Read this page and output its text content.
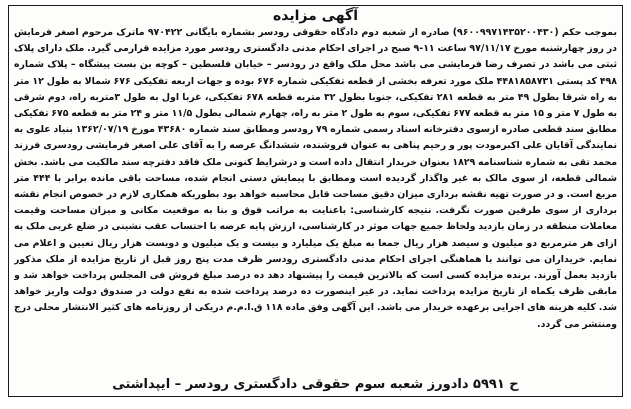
آگهی مزایده
بموجب حکم (۹۶۰۰۹۹۷۱۴۳۵۲۰۰۴۳۰) صادره از شعبه دوم دادگاه حقوقی رودسر بشماره بایگانی ۹۷۰۴۲۲ ماترک مرحوم اصغر فرمایش در روز چهارشنبه مورخ ۹۷/۱۱/۱۷ ساعت ۱۱-۹ صبح در اجرای احکام مدنی دادگستری رودسر مورد مزایده قرارمی گیرد. ملک دارای پلاک ثبتی می باشد در تصرف رضا فرمایشی می باشد محل ملک واقع در رودسر – خیابان فلسطین – کوچه بن بست پیشگاه – پلاک شماره ۴۹۸ کد پستی ۴۴۸۱۸۵۸۷۳۱ ملک مورد تعرفه بخشی از قطعه تفکیکی شماره ۶۷۶ بوده و جهات اربعه تفکیکی ۶۷۶ شمالا به طول ۱۲ متر به راه شرقا بطول ۴۹ متر به قطعه ۲۸۱ تفکیکی، جنوبا بطول ۳۲ متربه قطعه ۶۷۸ تفکیکی، غربا اول به طول ۳متربه راه، دوم شرقی به طول ۷ متر و ۱۵ متر به قطعه ۶۷۷ تفکیکی، سوم به طول ۲ متر به راه، چهارم شمالی بطول ۱۱/۵ متر و ۲۴ متر به قطعه ۶۷۵ تفکیکی مطابق سند قطعی صادره ازسوی دفترخانه اسناد رسمی شماره ۷۹ رودسر ومطابق سند شماره ۴۳۶۸۰ مورخ ۱۳۶۲/۰۷/۱۹ بنیاد علوی به نمایندگی آقایان علی اکبرمودت پور و رحیم پناهی به عنوان فروشنده، ششدانگ عرصه را به آقای علی اصغر فرمایشی رودسری فرزند محمد تقی به شماره شناسنامه ۱۸۲۹ بعنوان خریدار انتقال داده است و درشرایط کنونی ملک فاقد دفترچه سند مالکیت می باشد. بخش شمالی قطعه، از سوی مالک به غیر واگذار گردیده است ومطابق با پیمایش دستی انجام شده، مساحت باقی مانده برابر با ۴۴۴ متر مربع است. و در صورت تهیه نقشه برداری میزان دقیق مساحت قابل محاسبه خواهد بود بطوریکه همکاری لازم در خصوص انجام نقشه برداری از سوی طرفین صورت نگرفت. نتیجه کارشناسی: باعنایت به مراتب فوق و بنا به موقعیت مکانی و میزان مساحت وقیمت معاملات منطقه در زمان بازدید ولحاظ جمیع جهات موثر در کارشناسی، ارزش پایه عرصه با احتساب عقب نشینی در ضلع غربی ملک به ازای هر مترمربع دو میلیون و سیصد هزار ریال جمعا به مبلغ یک میلیارد و بیست و یک میلیون و دویست هزار ریال تعیین و اعلام می نمایم. خریداران می توانند با هماهنگی اجرای احکام مدنی دادگستری رودسر ظرف مدت پنج روز قبل از تاریخ مزایده از ملک مذکور بازدید بعمل آورند. برنده مزایده کسی است که بالاترین قیمت را پیشنهاد دهد ده درصد مبلغ فروش فی المجلس پرداخت خواهد شد و مابقی ظرف یکماه از تاریخ مزایده پرداخت نماید. در غیر اینصورت ده درصد پرداخت شده به نفع دولت در صندوق دولت واریز خواهد شد. کلیه هزینه های اجرایی برعهده خریدار می باشد. این آگهی وفق ماده ۱۱۸ ق.ا.م.م دریکی از روزنامه های کثیر الانتشار محلی درج ومنتشر می گردد.
ح ۵۹۹۱ دادورز شعبه سوم حقوقی دادگستری رودسر – ایپداشتی
